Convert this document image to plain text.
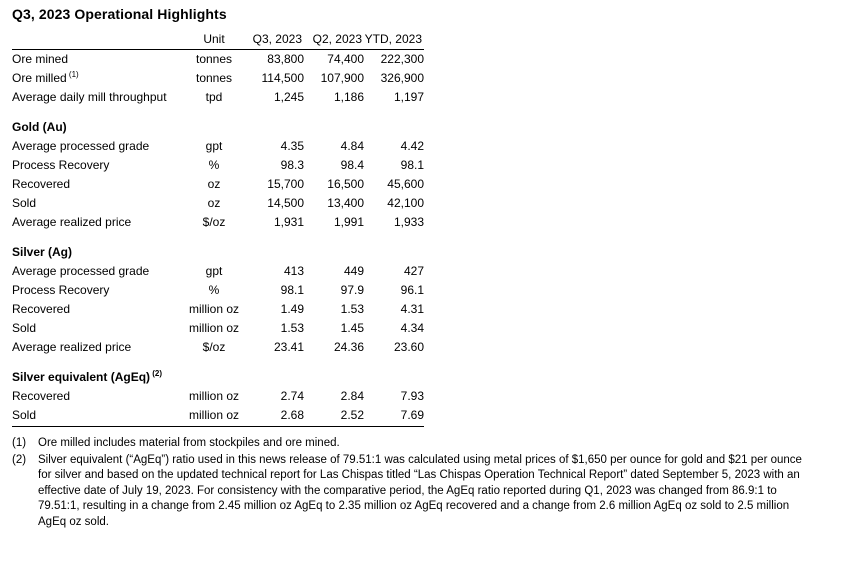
Q3, 2023 Operational Highlights
	Unit	Q3, 2023	Q2, 2023	YTD, 2023
Ore mined	tonnes	83,800	74,400	222,300
Ore milled $^{(1)}$	tonnes	114,500	107,900	326,900
Average daily mill throughput	tpd	1,245	1,186	1,197

Gold (Au)				
Average processed grade	gpt	4.35	4.84	4.42
Process Recovery	%	98.3	98.4	98.1
Recovered	oz	15,700	16,500	45,600
Sold	oz	14,500	13,400	42,100
Average realized price	$/oz	1,931	1,991	1,933

Silver (Ag)				
Average processed grade	gpt	413	449	427
Process Recovery	%	98.1	97.9	96.1
Recovered	million oz	1.49	1.53	4.31
Sold	million oz	1.53	1.45	4.34
Average realized price	$/oz	23.41	24.36	23.60

Silver equivalent (AgEq) $^{(2)}$				
Recovered	million oz	2.74	2.84	7.93
Sold	million oz	2.68	2.52	7.69
(1)	Ore milled includes material from stockpiles and ore mined.
(2)	Silver equivalent (“AgEq”) ratio used in this news release of 79.51:1 was calculated using metal prices of $1,650 per ounce for gold and $21 per ounce for silver and based on the updated technical report for Las Chispas titled “Las Chispas Operation Technical Report” dated September 5, 2023 with an effective date of July 19, 2023. For consistency with the comparative period, the AgEq ratio reported during Q1, 2023 was changed from 86.9:1 to 79.51:1, resulting in a change from 2.45 million oz AgEq to 2.35 million oz AgEq recovered and a change from 2.6 million AgEq oz sold to 2.5 million AgEq oz sold.
